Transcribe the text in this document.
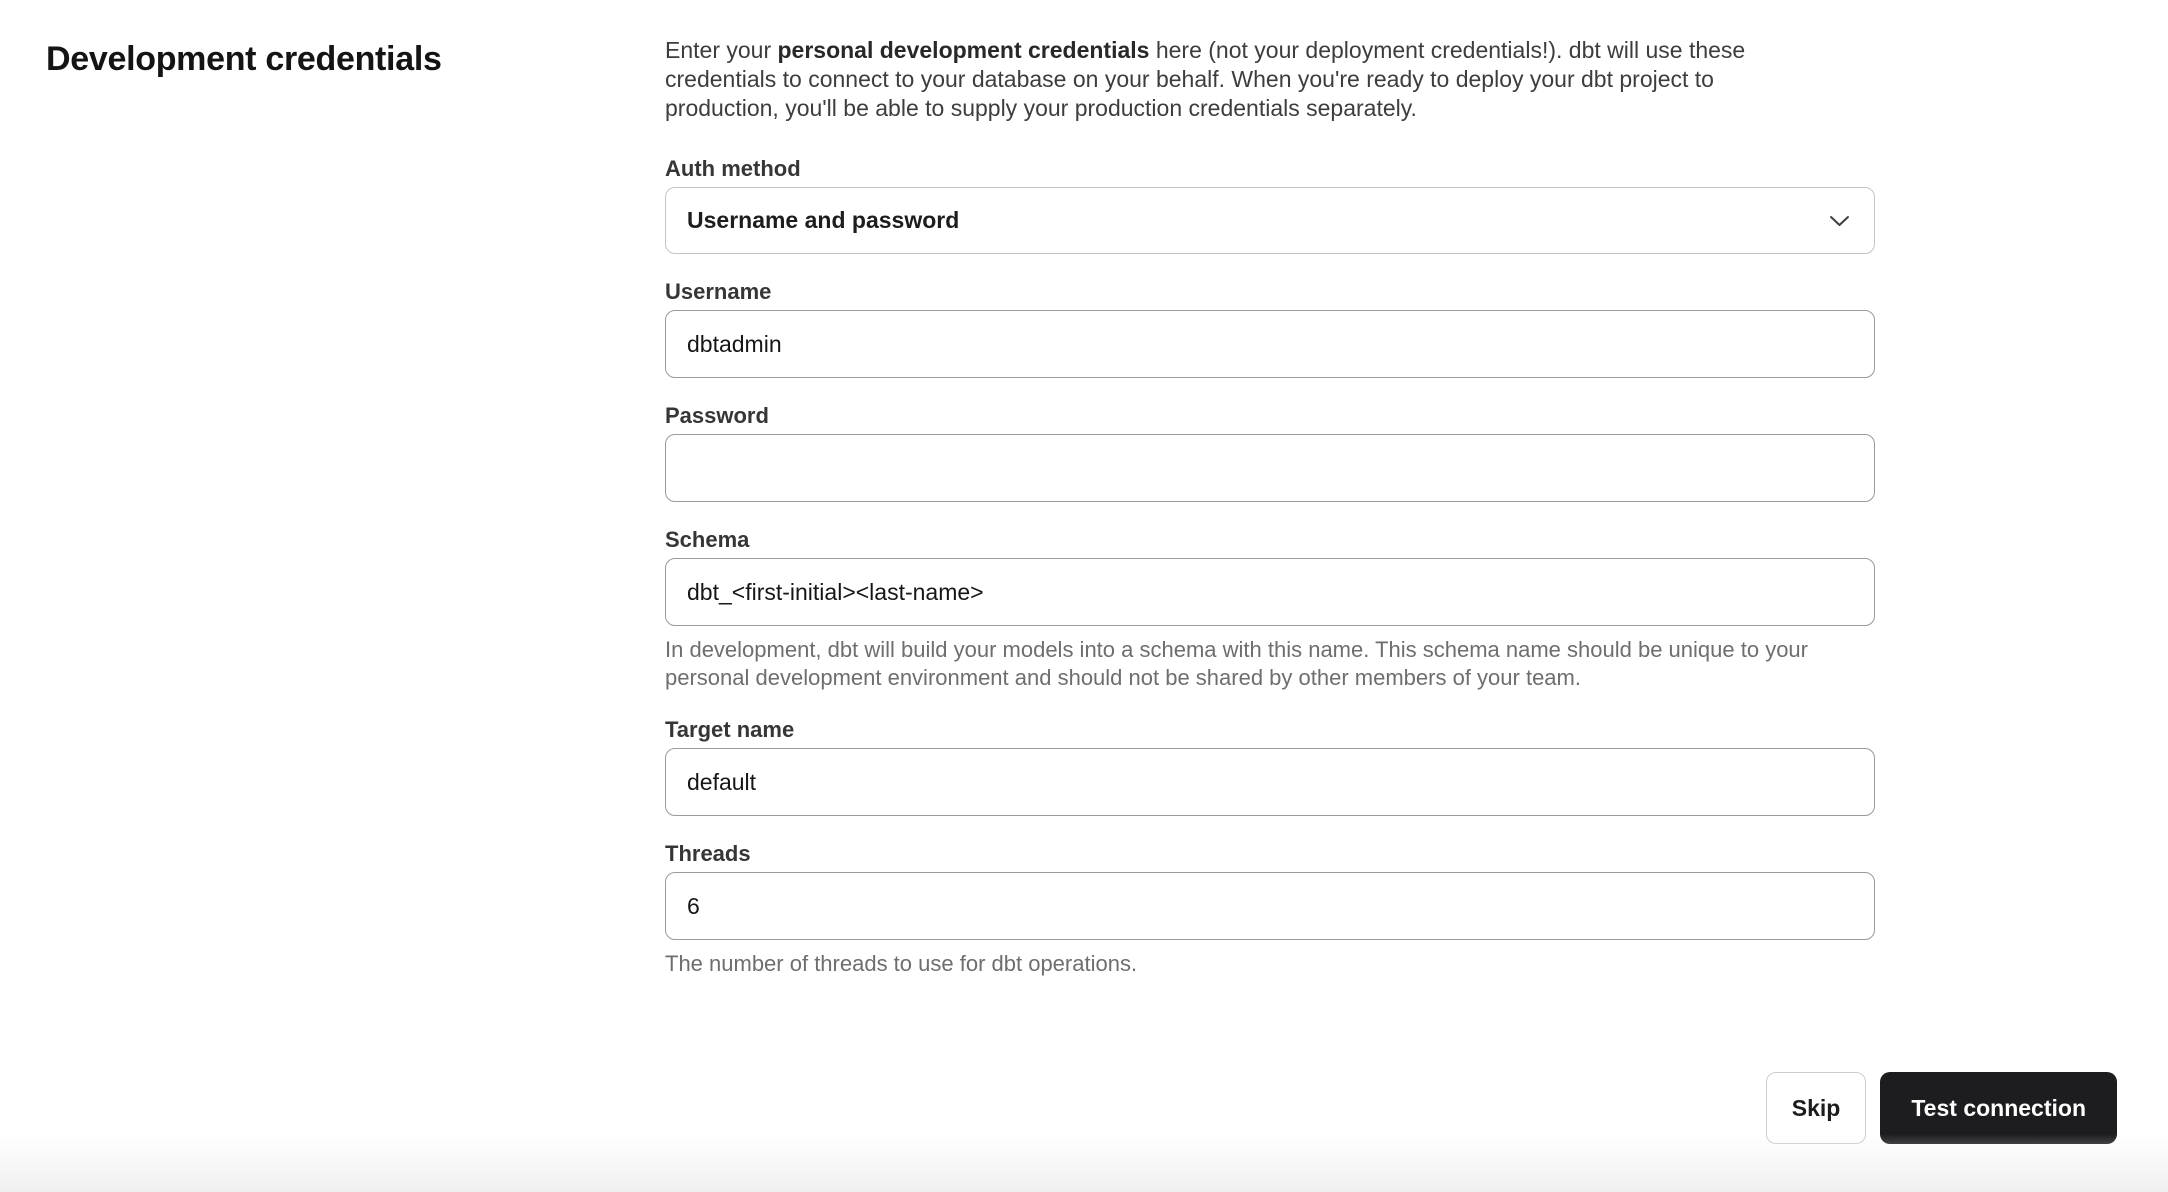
Development credentials	Enter your personal development credentials here (not your deployment credentials!). dbt will use these
credentials to connect to your database on your behalf. When you're ready to deploy your dbt project to
production, you'll be able to supply your production credentials separately.
Auth method
Username and password
Username
dbtadmin
Password
Schema
dbt_<first-initial><last-name>
In development, dbt will build your models into a schema with this name. This schema name should be unique to your
personal development environment and should not be shared by other members of your team.
Target name
default
Threads
6
The number of threads to use for dbt operations.
Skip	Test connection
